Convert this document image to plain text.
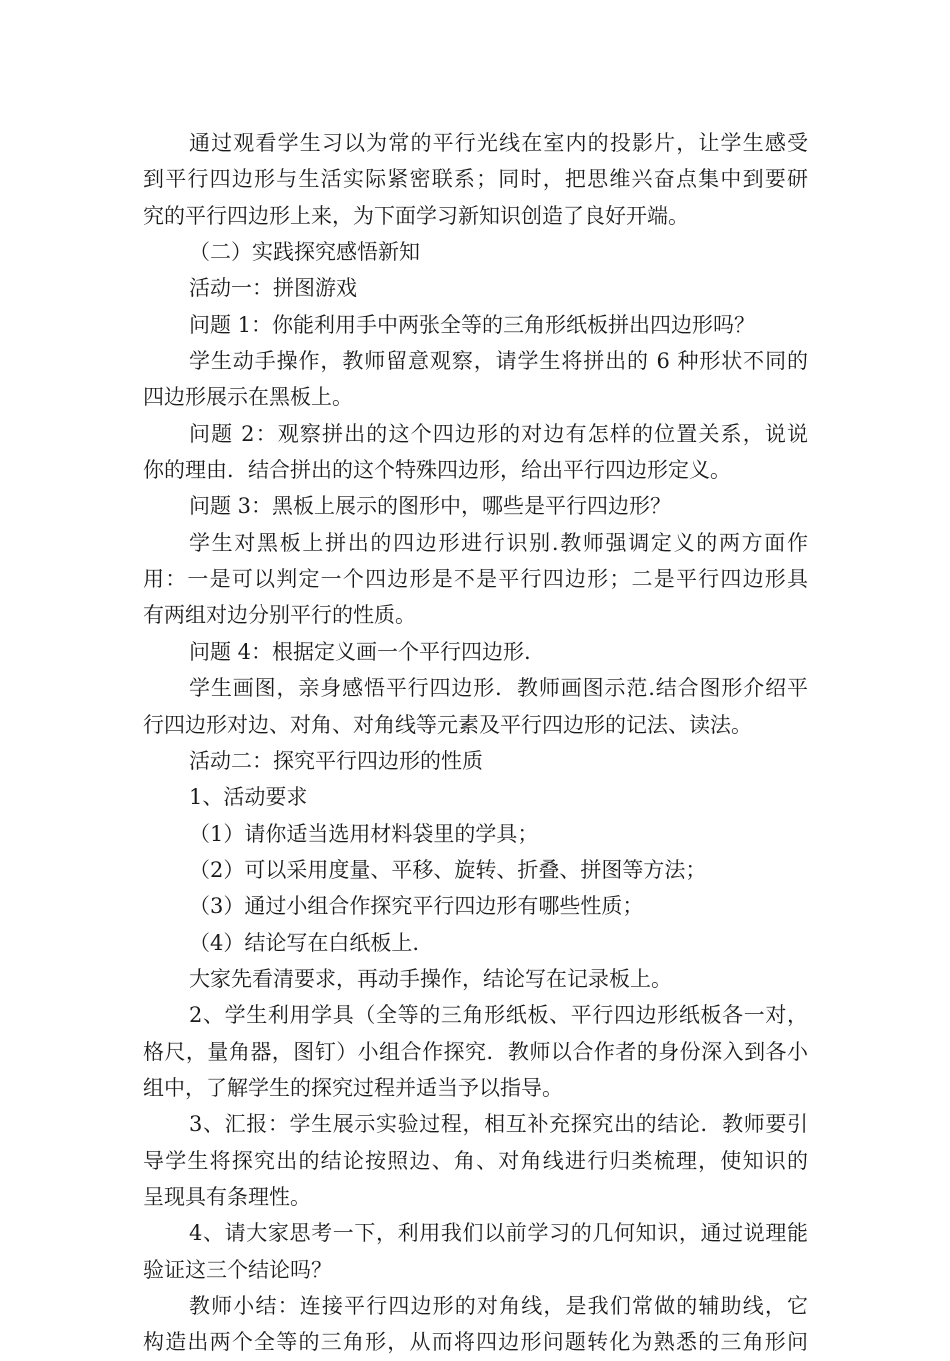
通过观看学生习以为常的平行光线在室内的投影片，让学生感受
到平行四边形与生活实际紧密联系；同时，把思维兴奋点集中到要研
究的平行四边形上来，为下面学习新知识创造了良好开端。
（二）实践探究感悟新知
活动一：拼图游戏
问题 1：你能利用手中两张全等的三角形纸板拼出四边形吗？
学生动手操作，教师留意观察，请学生将拼出的 6 种形状不同的
四边形展示在黑板上。
问题 2：观察拼出的这个四边形的对边有怎样的位置关系，说说
你的理由．结合拼出的这个特殊四边形，给出平行四边形定义。
问题 3：黑板上展示的图形中，哪些是平行四边形？
学生对黑板上拼出的四边形进行识别.教师强调定义的两方面作
用：一是可以判定一个四边形是不是平行四边形；二是平行四边形具
有两组对边分别平行的性质。
问题 4：根据定义画一个平行四边形.
学生画图，亲身感悟平行四边形．教师画图示范.结合图形介绍平
行四边形对边、对角、对角线等元素及平行四边形的记法、读法。
活动二：探究平行四边形的性质
1、活动要求
（1）请你适当选用材料袋里的学具；
（2）可以采用度量、平移、旋转、折叠、拼图等方法；
（3）通过小组合作探究平行四边形有哪些性质；
（4）结论写在白纸板上.
大家先看清要求，再动手操作，结论写在记录板上。
2、学生利用学具（全等的三角形纸板、平行四边形纸板各一对，
格尺，量角器，图钉）小组合作探究．教师以合作者的身份深入到各小
组中，了解学生的探究过程并适当予以指导。
3、汇报：学生展示实验过程，相互补充探究出的结论．教师要引
导学生将探究出的结论按照边、角、对角线进行归类梳理，使知识的
呈现具有条理性。
4、请大家思考一下，利用我们以前学习的几何知识，通过说理能
验证这三个结论吗？
教师小结：连接平行四边形的对角线，是我们常做的辅助线，它
构造出两个全等的三角形，从而将四边形问题转化为熟悉的三角形问
